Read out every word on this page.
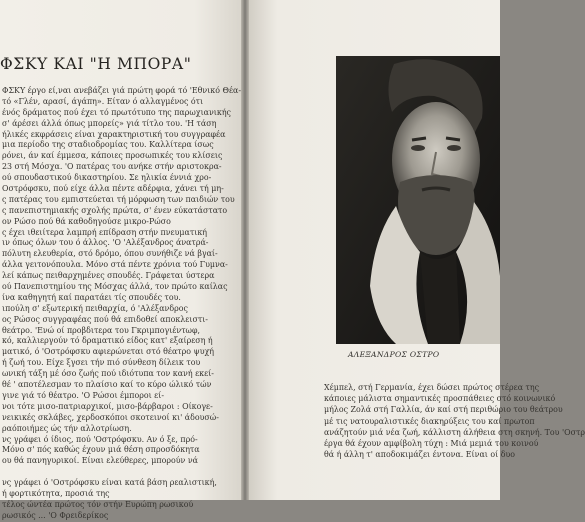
ΦΣΚΥ ΚΑΙ "Η ΜΠΟΡΑ"
ΦΣΚΥ έργο εί,ναι ανεβάζει γιά πρώτη φορά τό 'Εθνικό Θέα-
τό «Γλέν, αρασί, άγάπη». Είταν ό αλλαγμένος ότι
ένός δράματος πού έχει τό πρωτότυπο της παρωχιανικής
σ' άρέσει άλλά όπως μπορείς» γιά τίτλο του. 'Η τάση
ήλικές εκφράσεις είναι χαρακτηριστική του συγγραφέα
μια περίοδο της σταδιοδρομίας του. Καλλίτερα ίσως
ρόνει, άν καί έμμεσα, κάποιες προσωπικές του κλίσεις
23 στή Μόσχα. 'Ο πατέρας του ανήκε στήν αριστοκρα-
ού σπουδαστικού δικαστηρίου. Σε ηλικία έννιά χρο-
Οστρόφσκυ, πού είχε άλλα πέντε αδέρφια, χάνει τή μη-
ς πατέρας του εμπιστεύεται τή μόρφωση των παιδιών του
ς πανεπιστημιακής σχολής πρώτα, σ' ένεν εύκατάστατο
ον Ρώσο πού θά καθοδηγούσε μικρο-Ρώσο
ς έχει ιθειίτερα λαμπρή επίδραση στήν πνευματική
ιν όπως όλων του ό άλλος. 'Ο 'Αλέξανδρος άνατρά-
πόλυτη ελευθερία, στό δρόμο, όπου συνήθιζε νά βγαί-
άλλα γειτονόπουλα. Μόνο στά πέντε χρόνια τού Γυμνα-
λεί κάπως πειθαρχημένες σπουδές. Γράφεται ύστερα
ού Πανεπιστημίου της Μόσχας άλλά, τον πρώτο καίλας
ίνα καθηγητή καί παρατάει τίς σπουδές του.
ιπούλη σ' εξωτερική πειθαρχία, ό 'Αλέξανδρος
ος Ρώσος συγγραφέας πού θά επιδοθεί αποκλειστι-
θεάτρο. 'Ενώ οί προβδιτερα του Γκριμπογιέντωφ,
κό, καλλιεργούν τό δραματικό είδος κατ' εξαίρεση ή
ματικό, ό 'Οστρόφσκυ αφιερώνεται στό θέατρο ψυχή
ή ζωή του. Είχε ξγσει τήν πιό σύνθεση δίλεικ του
ωνική τάξη μέ όσο ζωής πού ιδιότυπα τον κανή εκεί-
θέ ' αποτέλεσμαν το πλαίσιο καί το κύρο ώλικό τών
γινε γιά τό θέατρο. 'Ο Ρώσοι έμποροι εί-
νοι τότε μισο-πατριαρχικοί, μισο-βάρβαροι : Οίκογε-
νεικικές σκλάβες, χερδοσκόποι σκοτεινοί κι' άδουσώ-
ραόποιήμες ώς τήν αλλοτρίωση.
νς γράφει ό ίδιος, πού 'Οστρόφσκυ. Αν ό ξε, πρό-
Μόνο σ' πός καθώς έχουν μιά θέση σπροσδόκητα
ου θά πανηγυρικοί. Είναι ελεύθερες, μπορούν νά
νς γράφει ό 'Οστρόφσκυ είναι κατά βάση ρεαλιστική,
ή φορτικότητα, προσιά της
τέλος ώντέα πρώτος τόν στήν Ευρώπη ρωσικού
ρωσικός ... 'Ο Φρειδερίκος
ΑΛΕΞΑΝΔΡΟΣ ΟΣΤΡΟ
Χέμπελ, στή Γερμανία, έχει δώσει πρώτος στέρεα της
κάποιες μάλιστα σημαντικές προσπάθειες στό κοινωνικό
μήλος Ζολά στή Γαλλία, άν καί στή περιθώριο του θεάτρου
μέ τις νατουραλιστικές διακηρύξεις του καί πρωτοπ
ανάζητούν μιά νέα ζωή, κάλλιστη άλήθεια στη σκηνή. Του 'Οστρ
έργα θά έχουν αμφίβολη τύχη : Μιά μεμιά του κοινού
θά ή άλλη τ' αποδοκιμάζει έντονα. Είναι οί δυο
